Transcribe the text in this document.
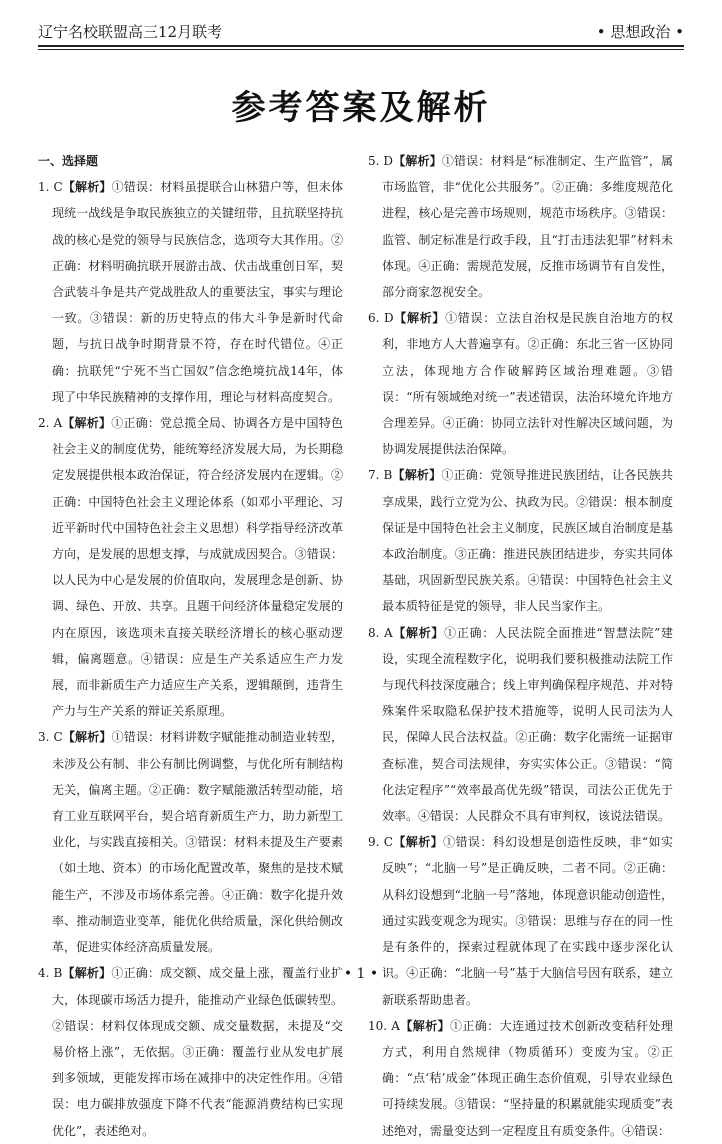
辽宁名校联盟高三12月联考	• 思想政治 •
参考答案及解析

一、选择题

1. C【解析】①错误：材料虽提联合山林猎户等，但未体现统一战线是争取民族独立的关键纽带，且抗联坚持抗战的核心是党的领导与民族信念，选项夸大其作用。②正确：材料明确抗联开展游击战、伏击战重创日军，契合武装斗争是共产党战胜敌人的重要法宝，事实与理论一致。③错误：新的历史特点的伟大斗争是新时代命题，与抗日战争时期背景不符，存在时代错位。④正确：抗联凭“宁死不当亡国奴”信念绝境抗战14年，体现了中华民族精神的支撑作用，理论与材料高度契合。

2. A【解析】①正确：党总揽全局、协调各方是中国特色社会主义的制度优势，能统筹经济发展大局，为长期稳定发展提供根本政治保证，符合经济发展内在逻辑。②正确：中国特色社会主义理论体系（如邓小平理论、习近平新时代中国特色社会主义思想）科学指导经济改革方向，是发展的思想支撑，与成就成因契合。③错误：以人民为中心是发展的价值取向，发展理念是创新、协调、绿色、开放、共享。且题干问经济体量稳定发展的内在原因，该选项未直接关联经济增长的核心驱动逻辑，偏离题意。④错误：应是生产关系适应生产力发展，而非新质生产力适应生产关系，逻辑颠倒，违背生产力与生产关系的辩证关系原理。

3. C【解析】①错误：材料讲数字赋能推动制造业转型，未涉及公有制、非公有制比例调整，与优化所有制结构无关，偏离主题。②正确：数字赋能激活转型动能，培育工业互联网平台，契合培育新质生产力，助力新型工业化，与实践直接相关。③错误：材料未提及生产要素（如土地、资本）的市场化配置改革，聚焦的是技术赋能生产，不涉及市场体系完善。④正确：数字化提升效率、推动制造业变革，能优化供给质量，深化供给侧改革，促进实体经济高质量发展。

4. B【解析】①正确：成交额、成交量上涨，覆盖行业扩大，体现碳市场活力提升，能推动产业绿色低碳转型。②错误：材料仅体现成交额、成交量数据，未提及“交易价格上涨”，无依据。③正确：覆盖行业从发电扩展到多领域，更能发挥市场在减排中的决定性作用。④错误：电力碳排放强度下降不代表“能源消费结构已实现优化”，表述绝对。

5. D【解析】①错误：材料是“标准制定、生产监管”，属市场监管，非“优化公共服务”。②正确：多维度规范化进程，核心是完善市场规则，规范市场秩序。③错误：监管、制定标准是行政手段，且“打击违法犯罪”材料未体现。④正确：需规范发展，反推市场调节有自发性，部分商家忽视安全。

6. D【解析】①错误：立法自治权是民族自治地方的权利，非地方人大普遍享有。②正确：东北三省一区协同立法，体现地方合作破解跨区域治理难题。③错误：“所有领域绝对统一”表述错误，法治环境允许地方合理差异。④正确：协同立法针对性解决区域问题，为协调发展提供法治保障。

7. B【解析】①正确：党领导推进民族团结，让各民族共享成果，践行立党为公、执政为民。②错误：根本制度保证是中国特色社会主义制度，民族区域自治制度是基本政治制度。③正确：推进民族团结进步，夯实共同体基础，巩固新型民族关系。④错误：中国特色社会主义最本质特征是党的领导，非人民当家作主。

8. A【解析】①正确：人民法院全面推进“智慧法院”建设，实现全流程数字化，说明我们要积极推动法院工作与现代科技深度融合；线上审判确保程序规范、并对特殊案件采取隐私保护技术措施等，说明人民司法为人民，保障人民合法权益。②正确：数字化需统一证据审查标准，契合司法规律，夯实实体公正。③错误：“简化法定程序”“效率最高优先级”错误，司法公正优先于效率。④错误：人民群众不具有审判权，该说法错误。

9. C【解析】①错误：科幻设想是创造性反映，非“如实反映”；“北脑一号”是正确反映，二者不同。②正确：从科幻设想到“北脑一号”落地，体现意识能动创造性，通过实践变观念为现实。③错误：思维与存在的同一性是有条件的，探索过程就体现了在实践中逐步深化认识。④正确：“北脑一号”基于大脑信号因有联系，建立新联系帮助患者。

10. A【解析】①正确：大连通过技术创新改变秸秆处理方式，利用自然规律（物质循环）变废为宝。②正确：“点‘秸’成金”体现正确生态价值观，引导农业绿色可持续发展。③错误：“坚持量的积累就能实现质变”表述绝对，需量变达到一定程度且有质变条件。④错误：

• 1 •
